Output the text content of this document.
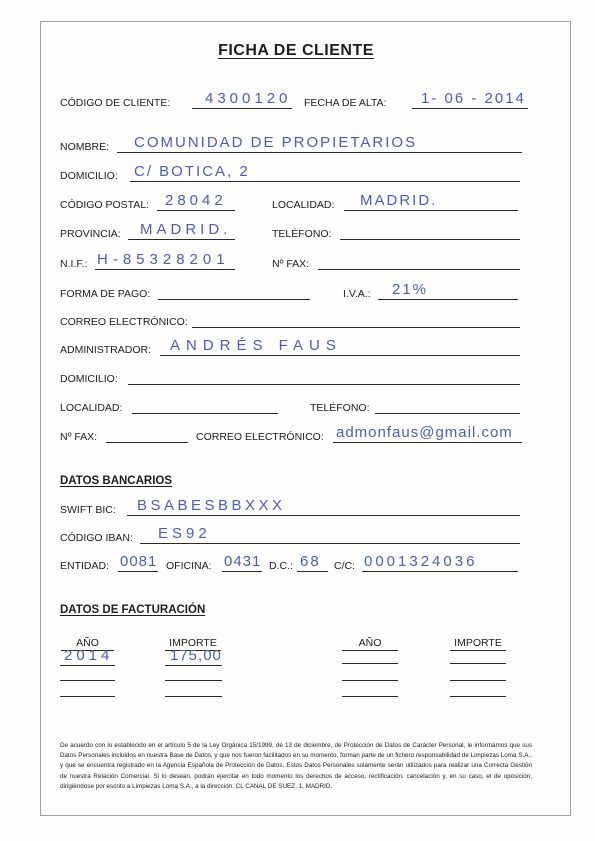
FICHA DE CLIENTE
CÓDIGO DE CLIENTE: 4300120 FECHA DE ALTA: 1- 06 - 2014
NOMBRE: COMUNIDAD DE PROPIETARIOS
DOMICILIO: C/ BOTICA, 2
CÓDIGO POSTAL: 28042	LOCALIDAD: MADRID.
PROVINCIA: MADRID.	TELÉFONO:
N.I.F.: H-85328201	Nº FAX:
FORMA DE PAGO:	I.V.A.: 21%
CORREO ELECTRÓNICO:
ADMINISTRADOR: ANDRÉS FAUS
DOMICILIO:
LOCALIDAD:	TELÉFONO:
Nº FAX:	CORREO ELECTRÓNICO: admonfaus@gmail.com
DATOS BANCARIOS
SWIFT BIC: BSABESBBXXX
CÓDIGO IBAN: ES92
ENTIDAD: 0081 OFICINA: 0431 D.C.: 68 C/C: 0001324036
DATOS DE FACTURACIÓN
AÑO	IMPORTE	AÑO	IMPORTE
2014	175,00

De acuerdo con lo establecido en el artículo 5 de la Ley Orgánica 15/1999, de 13 de diciembre, de Protección de Datos de Carácter Personal, le informamos que sus Datos Personales incluidos en nuestra Base de Datos, y que nos fueron facilitados en su momento, forman parte de un fichero responsabilidad de Limpiezas Loma S.A., y que se encuentra registrado en la Agencia Española de Protección de Datos. Estos Datos Personales solamente serán utilizados para realizar una Correcta Gestión de nuestra Relación Comercial. Si lo desean, podrán ejercitar en todo momento los derechos de acceso, rectificación, cancelación y, en su caso, el de oposición, dirigiéndose por escrito a Limpiezas Loma S.A., a la dirección: CL CANAL DE SUEZ, 1, MADRID.
